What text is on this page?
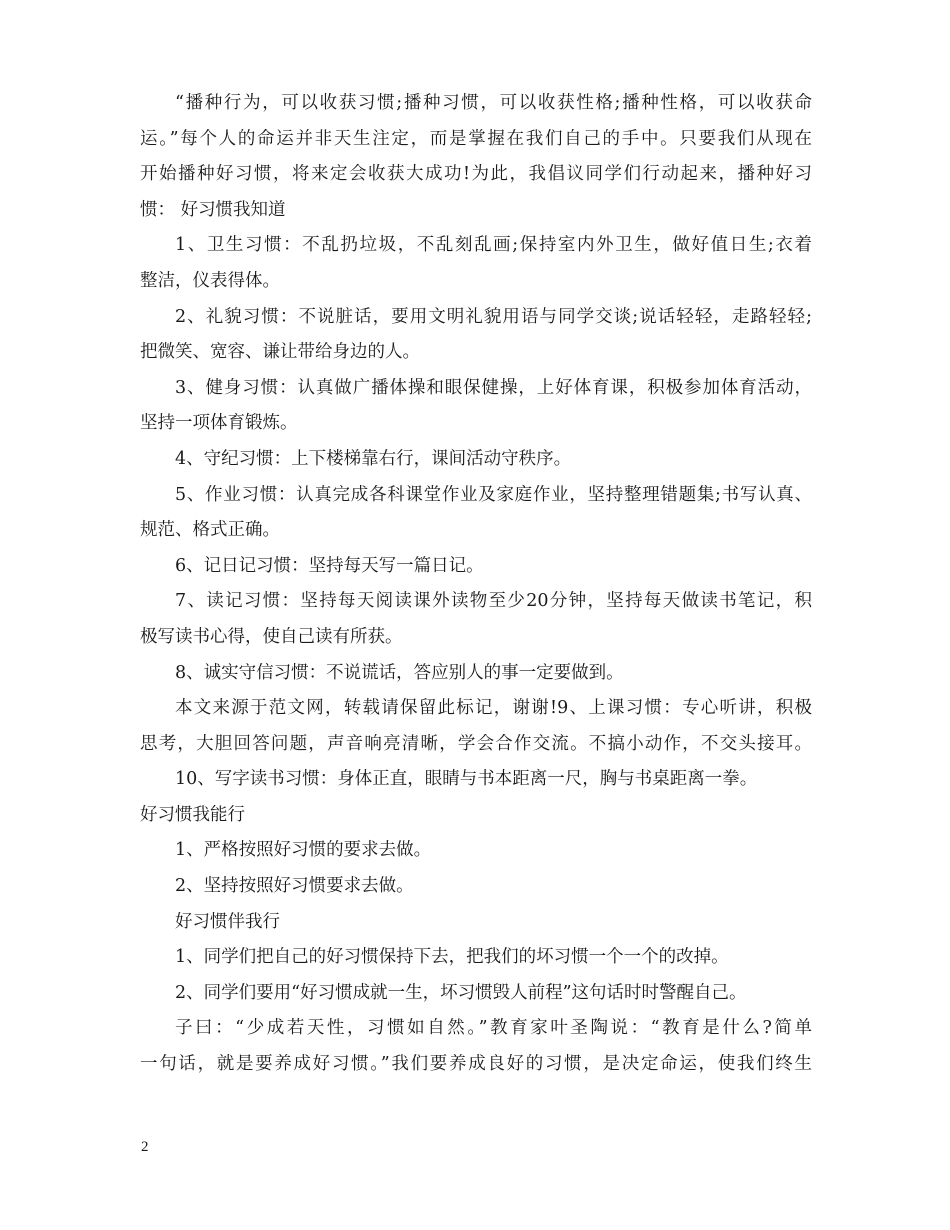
“播种行为，可以收获习惯;播种习惯，可以收获性格;播种性格，可以收获命

运。”每个人的命运并非天生注定，而是掌握在我们自己的手中。只要我们从现在

开始播种好习惯，将来定会收获大成功!为此，我倡议同学们行动起来，播种好习

惯： 好习惯我知道

1、卫生习惯：不乱扔垃圾，不乱刻乱画;保持室内外卫生，做好值日生;衣着

整洁，仪表得体。

2、礼貌习惯：不说脏话，要用文明礼貌用语与同学交谈;说话轻轻，走路轻轻;

把微笑、宽容、谦让带给身边的人。

3、健身习惯：认真做广播体操和眼保健操，上好体育课，积极参加体育活动，

坚持一项体育锻炼。

4、守纪习惯：上下楼梯靠右行，课间活动守秩序。

5、作业习惯：认真完成各科课堂作业及家庭作业，坚持整理错题集;书写认真、

规范、格式正确。

6、记日记习惯：坚持每天写一篇日记。

7、读记习惯：坚持每天阅读课外读物至少20分钟，坚持每天做读书笔记，积

极写读书心得，使自己读有所获。

8、诚实守信习惯：不说谎话，答应别人的事一定要做到。

本文来源于范文网，转载请保留此标记，谢谢!9、上课习惯：专心听讲，积极

思考，大胆回答问题，声音响亮清晰，学会合作交流。不搞小动作，不交头接耳。

10、写字读书习惯：身体正直，眼睛与书本距离一尺，胸与书桌距离一拳。

好习惯我能行

1、严格按照好习惯的要求去做。

2、坚持按照好习惯要求去做。

好习惯伴我行

1、同学们把自己的好习惯保持下去，把我们的坏习惯一个一个的改掉。

2、同学们要用“好习惯成就一生，坏习惯毁人前程”这句话时时警醒自己。

子曰：“少成若天性，习惯如自然。”教育家叶圣陶说：“教育是什么?简单

一句话，就是要养成好习惯。”我们要养成良好的习惯，是决定命运，使我们终生

2
